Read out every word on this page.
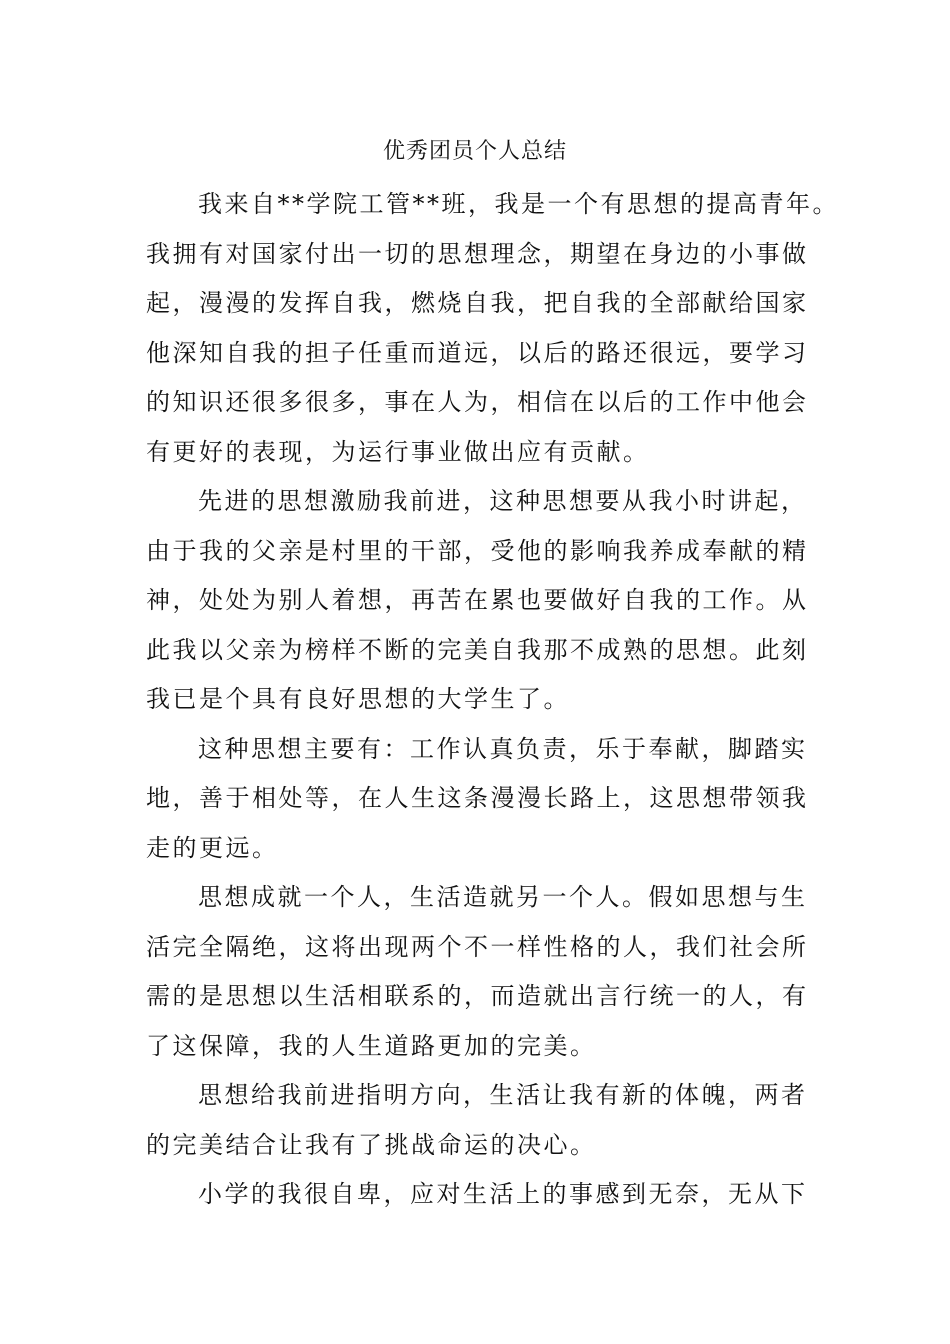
优秀团员个人总结
我来自**学院工管**班，我是一个有思想的提高青年。
我拥有对国家付出一切的思想理念，期望在身边的小事做
起，漫漫的发挥自我，燃烧自我，把自我的全部献给国家
他深知自我的担子任重而道远，以后的路还很远，要学习
的知识还很多很多，事在人为，相信在以后的工作中他会
有更好的表现，为运行事业做出应有贡献。
先进的思想激励我前进，这种思想要从我小时讲起，
由于我的父亲是村里的干部，受他的影响我养成奉献的精
神，处处为别人着想，再苦在累也要做好自我的工作。从
此我以父亲为榜样不断的完美自我那不成熟的思想。此刻
我已是个具有良好思想的大学生了。
这种思想主要有：工作认真负责，乐于奉献，脚踏实
地，善于相处等，在人生这条漫漫长路上，这思想带领我
走的更远。
思想成就一个人，生活造就另一个人。假如思想与生
活完全隔绝，这将出现两个不一样性格的人，我们社会所
需的是思想以生活相联系的，而造就出言行统一的人，有
了这保障，我的人生道路更加的完美。
思想给我前进指明方向，生活让我有新的体魄，两者
的完美结合让我有了挑战命运的决心。
小学的我很自卑，应对生活上的事感到无奈，无从下
